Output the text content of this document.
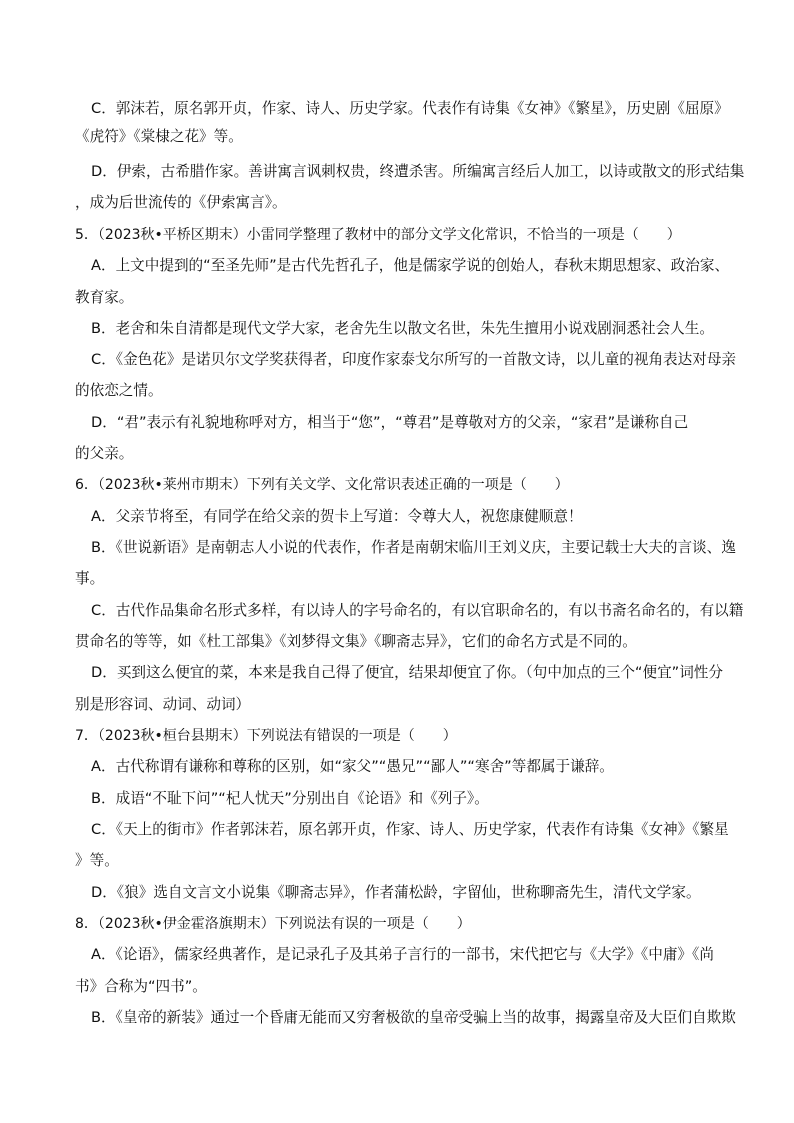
C．郭沫若，原名郭开贞，作家、诗人、历史学家。代表作有诗集《女神》《繁星》，历史剧《屈原》
《虎符》《棠棣之花》等。
D．伊索，古希腊作家。善讲寓言讽刺权贵，终遭杀害。所编寓言经后人加工，以诗或散文的形式结集
，成为后世流传的《伊索寓言》。
5．（2023秋•平桥区期末）小雷同学整理了教材中的部分文学文化常识，不恰当的一项是（　　）
A．上文中提到的“至圣先师”是古代先哲孔子，他是儒家学说的创始人，春秋末期思想家、政治家、
教育家。
B．老舍和朱自清都是现代文学大家，老舍先生以散文名世，朱先生擅用小说戏剧洞悉社会人生。
C．《金色花》是诺贝尔文学奖获得者，印度作家泰戈尔所写的一首散文诗，以儿童的视角表达对母亲
的依恋之情。
D．“君”表示有礼貌地称呼对方，相当于“您”，“尊君”是尊敬对方的父亲，“家君”是谦称自己
的父亲。
6．（2023秋•莱州市期末）下列有关文学、文化常识表述正确的一项是（　　）
A．父亲节将至，有同学在给父亲的贺卡上写道：令尊大人，祝您康健顺意！
B．《世说新语》是南朝志人小说的代表作，作者是南朝宋临川王刘义庆，主要记载士大夫的言谈、逸
事。
C．古代作品集命名形式多样，有以诗人的字号命名的，有以官职命名的，有以书斋名命名的，有以籍
贯命名的等等，如《杜工部集》《刘梦得文集》《聊斋志异》，它们的命名方式是不同的。
D．买到这么便宜的菜，本来是我自己得了便宜，结果却便宜了你。（句中加点的三个“便宜”词性分
别是形容词、动词、动词）
7．（2023秋•桓台县期末）下列说法有错误的一项是（　　）
A．古代称谓有谦称和尊称的区别，如“家父”“愚兄”“鄙人”“寒舍”等都属于谦辞。
B．成语“不耻下问”“杞人忧天”分别出自《论语》和《列子》。
C．《天上的街市》作者郭沫若，原名郭开贞，作家、诗人、历史学家，代表作有诗集《女神》《繁星
》等。
D．《狼》选自文言文小说集《聊斋志异》，作者蒲松龄，字留仙，世称聊斋先生，清代文学家。
8．（2023秋•伊金霍洛旗期末）下列说法有误的一项是（　　）
A．《论语》，儒家经典著作，是记录孔子及其弟子言行的一部书，宋代把它与《大学》《中庸》《尚
书》合称为“四书”。
B．《皇帝的新装》通过一个昏庸无能而又穷奢极欲的皇帝受骗上当的故事，揭露皇帝及大臣们自欺欺
